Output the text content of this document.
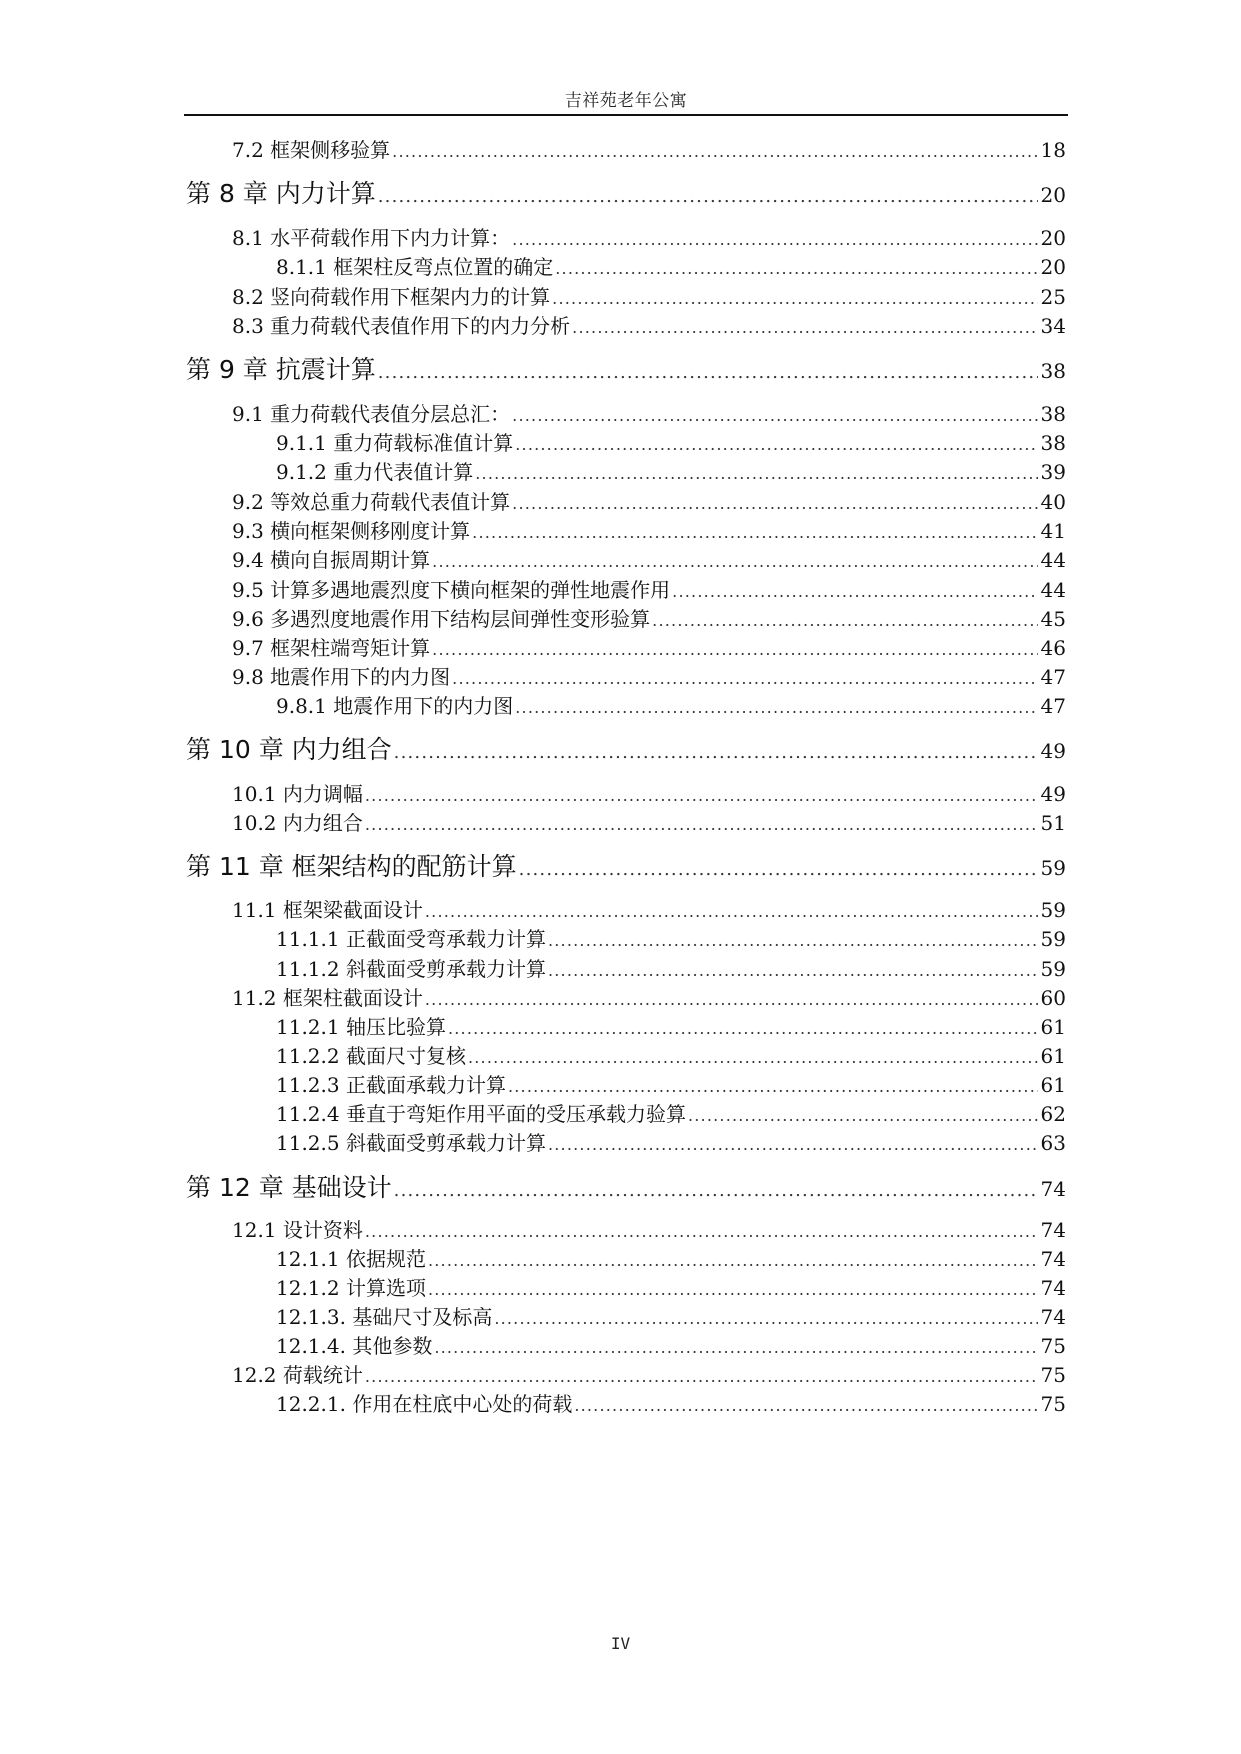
吉祥苑老年公寓
7.2 框架侧移验算 .....	18
第 8 章 内力计算 .....	20
8.1 水平荷载作用下内力计算： .....	20
8.1.1 框架柱反弯点位置的确定 .....	20
8.2 竖向荷载作用下框架内力的计算 .....	25
8.3 重力荷载代表值作用下的内力分析 .....	34
第 9 章 抗震计算 .....	38
9.1 重力荷载代表值分层总汇： .....	38
9.1.1 重力荷载标准值计算 .....	38
9.1.2 重力代表值计算 .....	39
9.2 等效总重力荷载代表值计算 .....	40
9.3 横向框架侧移刚度计算 .....	41
9.4 横向自振周期计算 .....	44
9.5 计算多遇地震烈度下横向框架的弹性地震作用 .....	44
9.6 多遇烈度地震作用下结构层间弹性变形验算 .....	45
9.7 框架柱端弯矩计算 .....	46
9.8 地震作用下的内力图 .....	47
9.8.1 地震作用下的内力图 .....	47
第 10 章 内力组合 .....	49
10.1 内力调幅 .....	49
10.2 内力组合 .....	51
第 11 章 框架结构的配筋计算 .....	59
11.1 框架梁截面设计 .....	59
11.1.1 正截面受弯承载力计算 .....	59
11.1.2 斜截面受剪承载力计算 .....	59
11.2 框架柱截面设计 .....	60
11.2.1 轴压比验算 .....	61
11.2.2 截面尺寸复核 .....	61
11.2.3 正截面承载力计算 .....	61
11.2.4 垂直于弯矩作用平面的受压承载力验算 .....	62
11.2.5 斜截面受剪承载力计算 .....	63
第 12 章 基础设计 .....	74
12.1 设计资料 .....	74
12.1.1 依据规范 .....	74
12.1.2 计算选项 .....	74
12.1.3. 基础尺寸及标高 .....	74
12.1.4. 其他参数 .....	75
12.2 荷载统计 .....	75
12.2.1. 作用在柱底中心处的荷载 .....	75
IV
